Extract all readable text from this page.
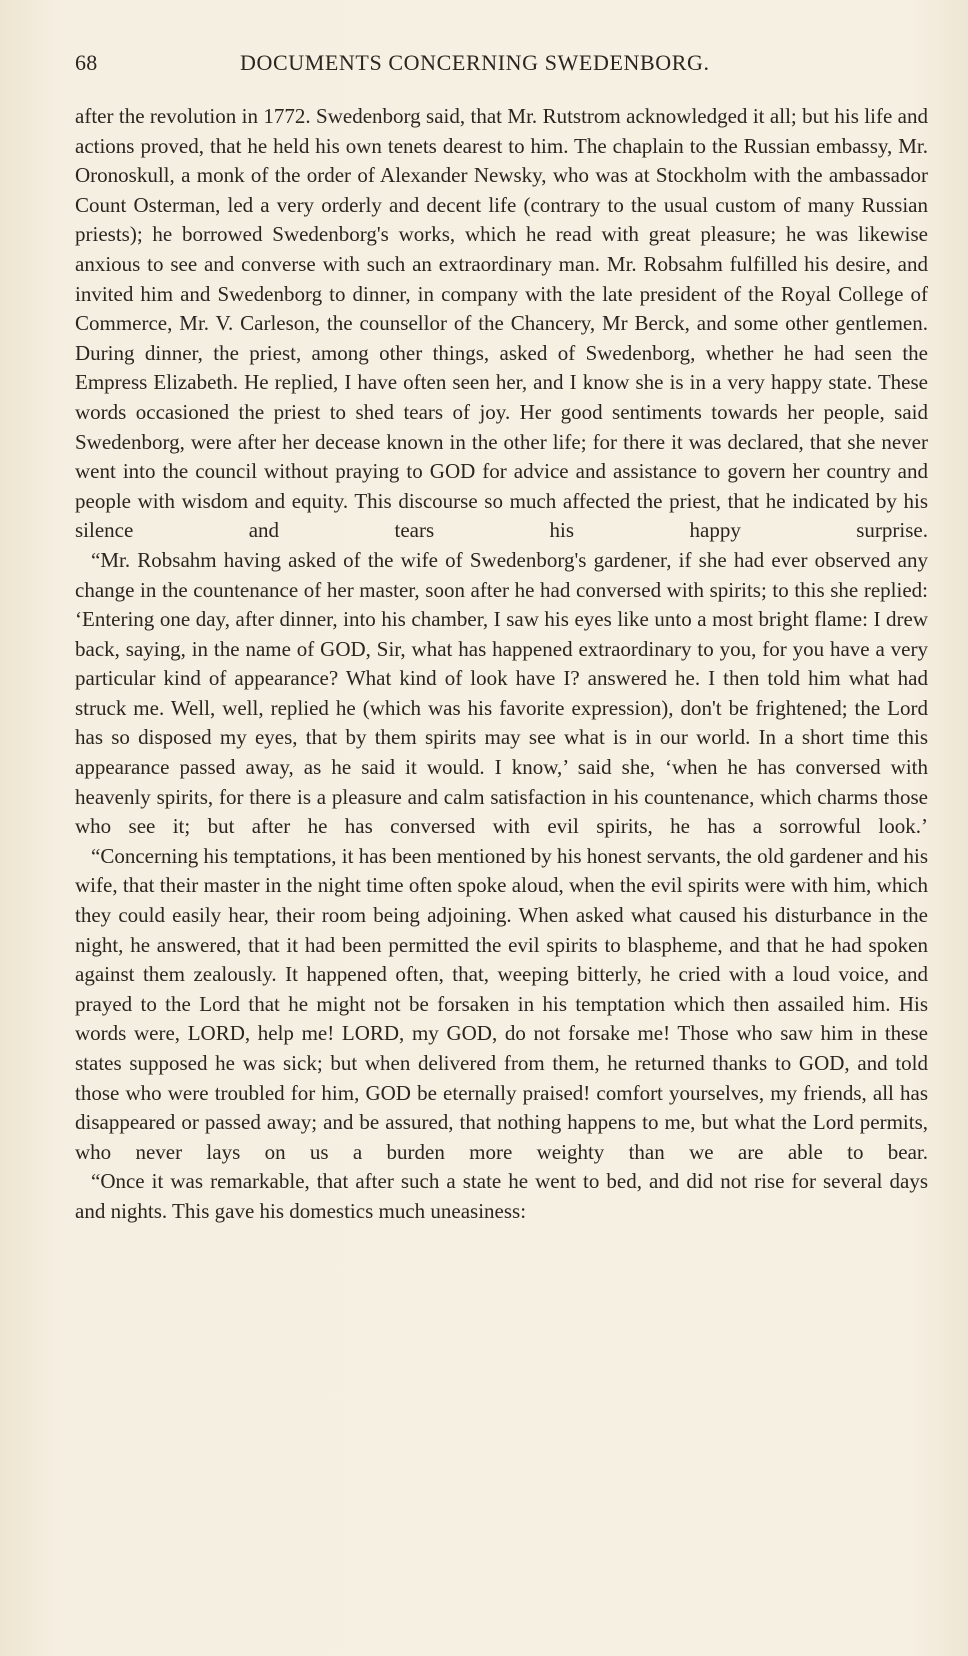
68	DOCUMENTS CONCERNING SWEDENBORG.

after the revolution in 1772. Swedenborg said, that Mr. Rutstrom acknowledged it all; but his life and actions proved, that he held his own tenets dearest to him. The chaplain to the Russian embassy, Mr. Oronoskull, a monk of the order of Alexander Newsky, who was at Stockholm with the ambassador Count Osterman, led a very orderly and decent life (contrary to the usual custom of many Russian priests); he borrowed Swedenborg's works, which he read with great pleasure; he was likewise anxious to see and converse with such an extraordinary man. Mr. Robsahm fulfilled his desire, and invited him and Swedenborg to dinner, in company with the late president of the Royal College of Commerce, Mr. V. Carleson, the counsellor of the Chancery, Mr Berck, and some other gentlemen. During dinner, the priest, among other things, asked of Swedenborg, whether he had seen the Empress Elizabeth. He replied, I have often seen her, and I know she is in a very happy state. These words occasioned the priest to shed tears of joy. Her good sentiments towards her people, said Swedenborg, were after her decease known in the other life; for there it was declared, that she never went into the council without praying to GOD for advice and assistance to govern her country and people with wisdom and equity. This discourse so much affected the priest, that he indicated by his silence and tears his happy surprise.

“Mr. Robsahm having asked of the wife of Swedenborg's gardener, if she had ever observed any change in the countenance of her master, soon after he had conversed with spirits; to this she replied: ‘Entering one day, after dinner, into his chamber, I saw his eyes like unto a most bright flame: I drew back, saying, in the name of GOD, Sir, what has happened extraordinary to you, for you have a very particular kind of appearance? What kind of look have I? answered he. I then told him what had struck me. Well, well, replied he (which was his favorite expression), don't be frightened; the Lord has so disposed my eyes, that by them spirits may see what is in our world. In a short time this appearance passed away, as he said it would. I know,’ said she, ‘when he has conversed with heavenly spirits, for there is a pleasure and calm satisfaction in his countenance, which charms those who see it; but after he has conversed with evil spirits, he has a sorrowful look.’

“Concerning his temptations, it has been mentioned by his honest servants, the old gardener and his wife, that their master in the night time often spoke aloud, when the evil spirits were with him, which they could easily hear, their room being adjoining. When asked what caused his disturbance in the night, he answered, that it had been permitted the evil spirits to blaspheme, and that he had spoken against them zealously. It happened often, that, weeping bitterly, he cried with a loud voice, and prayed to the Lord that he might not be forsaken in his temptation which then assailed him. His words were, LORD, help me! LORD, my GOD, do not forsake me! Those who saw him in these states supposed he was sick; but when delivered from them, he returned thanks to GOD, and told those who were troubled for him, GOD be eternally praised! comfort yourselves, my friends, all has disappeared or passed away; and be assured, that nothing happens to me, but what the Lord permits, who never lays on us a burden more weighty than we are able to bear.

“Once it was remarkable, that after such a state he went to bed, and did not rise for several days and nights. This gave his domestics much uneasiness:
